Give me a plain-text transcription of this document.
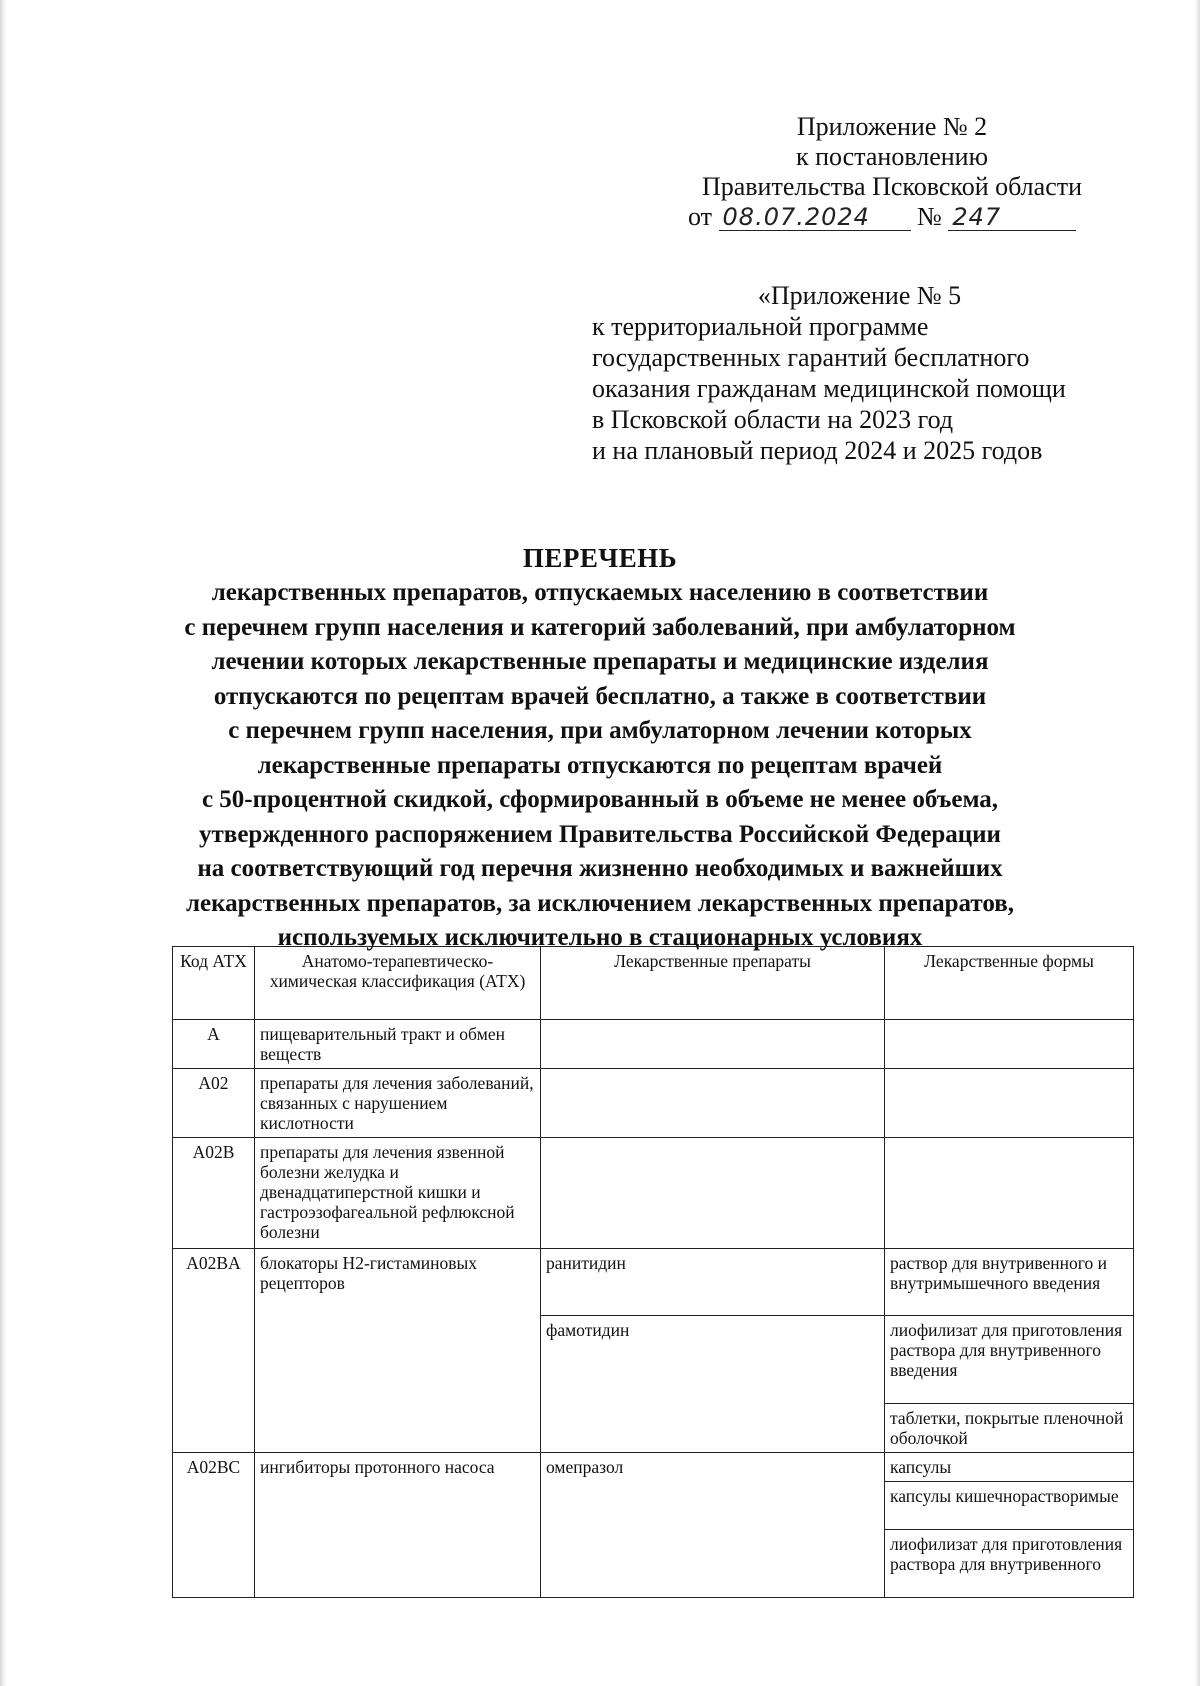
Приложение № 2
к постановлению
Правительства Псковской области
от 08.07.2024 № 247
«Приложение № 5
к территориальной программе
государственных гарантий бесплатного
оказания гражданам медицинской помощи
в Псковской области на 2023 год
и на плановый период 2024 и 2025 годов
ПЕРЕЧЕНЬ
лекарственных препаратов, отпускаемых населению в соответствии
с перечнем групп населения и категорий заболеваний, при амбулаторном
лечении которых лекарственные препараты и медицинские изделия
отпускаются по рецептам врачей бесплатно, а также в соответствии
с перечнем групп населения, при амбулаторном лечении которых
лекарственные препараты отпускаются по рецептам врачей
с 50-процентной скидкой, сформированный в объеме не менее объема,
утвержденного распоряжением Правительства Российской Федерации
на соответствующий год перечня жизненно необходимых и важнейших
лекарственных препаратов, за исключением лекарственных препаратов,
используемых исключительно в стационарных условиях
Код АТХ	Анатомо-терапевтическо-химическая классификация (АТХ)	Лекарственные препараты	Лекарственные формы
A	пищеварительный тракт и обмен веществ		
A02	препараты для лечения заболеваний, связанных с нарушением кислотности		
A02B	препараты для лечения язвенной болезни желудка и двенадцатиперстной кишки и гастроэзофагеальной рефлюксной болезни		
A02BA	блокаторы H2-гистаминовых рецепторов	ранитидин	раствор для внутривенного и внутримышечного введения
		фамотидин	лиофилизат для приготовления раствора для внутривенного введения
			таблетки, покрытые пленочной оболочкой
A02BC	ингибиторы протонного насоса	омепразол	капсулы
			капсулы кишечнорастворимые
			лиофилизат для приготовления раствора для внутривенного
